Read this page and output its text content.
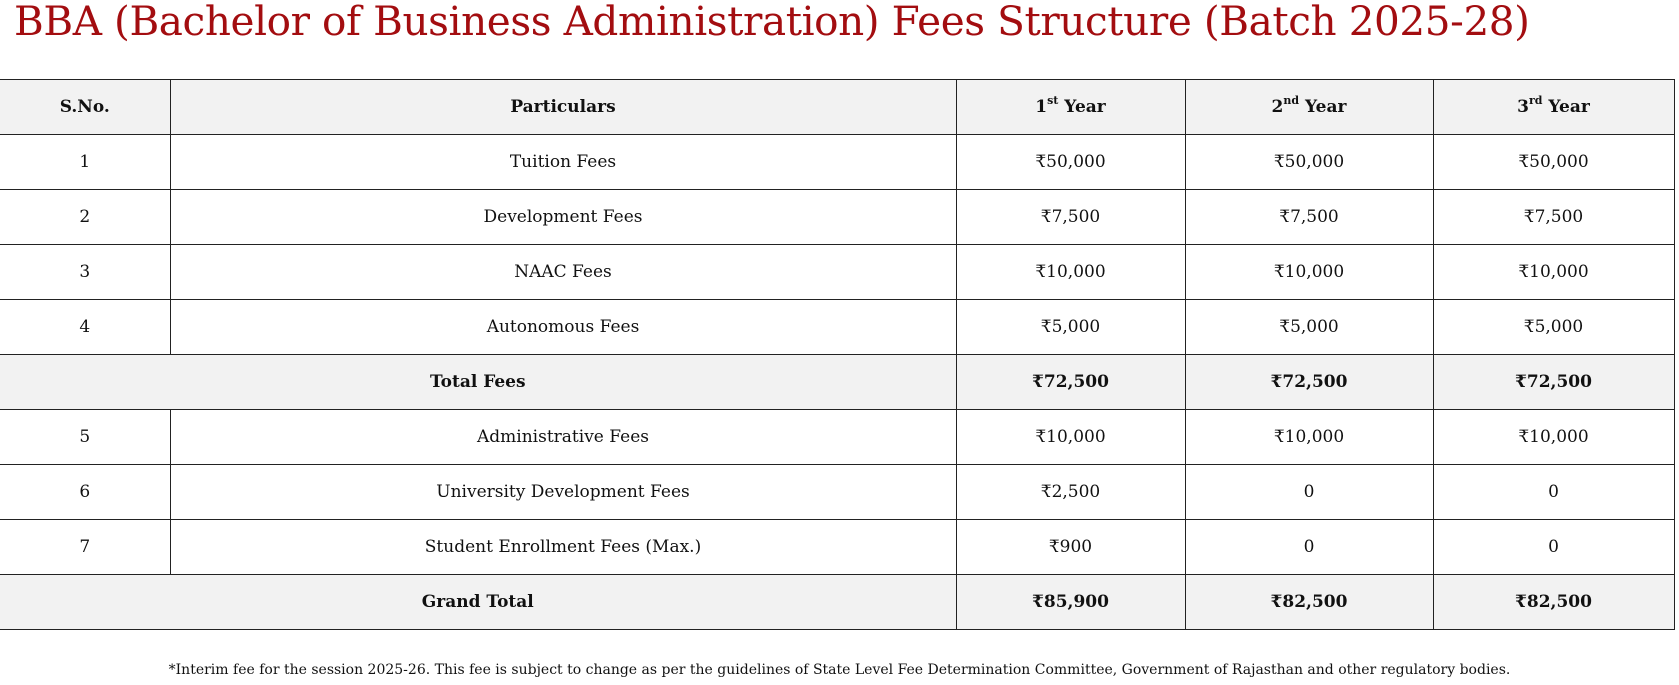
BBA (Bachelor of Business Administration) Fees Structure (Batch 2025-28)
S.No.	Particulars	1st Year	2nd Year	3rd Year
1	Tuition Fees	₹50,000	₹50,000	₹50,000
2	Development Fees	₹7,500	₹7,500	₹7,500
3	NAAC Fees	₹10,000	₹10,000	₹10,000
4	Autonomous Fees	₹5,000	₹5,000	₹5,000
Total Fees		₹72,500	₹72,500	₹72,500
5	Administrative Fees	₹10,000	₹10,000	₹10,000
6	University Development Fees	₹2,500	0	0
7	Student Enrollment Fees (Max.)	₹900	0	0
Grand Total		₹85,900	₹82,500	₹82,500

*Interim fee for the session 2025-26. This fee is subject to change as per the guidelines of State Level Fee Determination Committee, Government of Rajasthan and other regulatory bodies.
